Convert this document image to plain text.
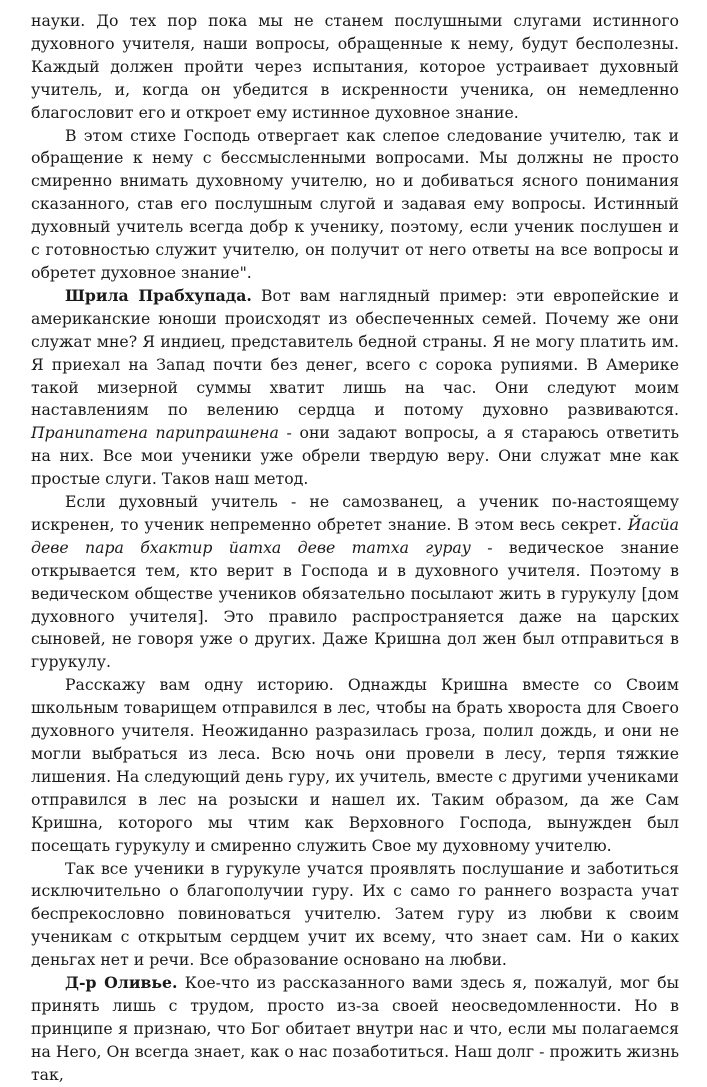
науки. До тех пор пока мы не станем послушными слугами истинного духовного учителя, наши вопросы, обращенные к нему, будут бесполезны. Каждый должен пройти через испытания, которое устраивает духовный учитель, и, когда он убедится в искренности ученика, он немедленно благословит его и откроет ему истинное духовное знание.

В этом стихе Господь отвергает как слепое следование учителю, так и обращение к нему с бессмысленными вопросами. Мы должны не просто смиренно внимать духовному учителю, но и добиваться ясного понимания сказанного, став его послушным слугой и задавая ему вопросы. Истинный духовный учитель всегда добр к ученику, поэтому, если ученик послушен и с готовностью служит учителю, он получит от него ответы на все вопросы и обретет духовное знание".

Шрила Прабхупада. Вот вам наглядный пример: эти европейские и американские юноши происходят из обеспеченных семей. Почему же они служат мне? Я индиец, представитель бедной страны. Я не могу платить им. Я приехал на Запад почти без денег, всего с сорока рупиями. В Америке такой мизерной суммы хватит лишь на час. Они следуют моим наставлениям по велению сердца и потому духовно развиваются. Пранипатена парипрашнена - они задают вопросы, а я стараюсь ответить на них. Все мои ученики уже обрели твердую веру. Они служат мне как простые слуги. Таков наш метод.

Если духовный учитель - не самозванец, а ученик по-настоящему искренен, то ученик непременно обретет знание. В этом весь секрет. Йасйа деве пара бхактир йатха деве татха гурау - ведическое знание открывается тем, кто верит в Господа и в духовного учителя. Поэтому в ведическом обществе учеников обязательно посылают жить в гурукулу [дом духовного учителя]. Это правило распространяется даже на царских сыновей, не говоря уже о других. Даже Кришна дол жен был отправиться в гурукулу.

Расскажу вам одну историю. Однажды Кришна вместе со Своим школьным товарищем отправился в лес, чтобы на брать хвороста для Своего духовного учителя. Неожиданно разразилась гроза, полил дождь, и они не могли выбраться из леса. Всю ночь они провели в лесу, терпя тяжкие лишения. На следующий день гуру, их учитель, вместе с другими учениками отправился в лес на розыски и нашел их. Таким образом, да же Сам Кришна, которого мы чтим как Верховного Господа, вынужден был посещать гурукулу и смиренно служить Свое му духовному учителю.

Так все ученики в гурукуле учатся проявлять послушание и заботиться исключительно о благополучии гуру. Их с само го раннего возраста учат беспрекословно повиноваться учителю. Затем гуру из любви к своим ученикам с открытым сердцем учит их всему, что знает сам. Ни о каких деньгах нет и речи. Все образование основано на любви.

Д-р Оливье. Кое-что из рассказанного вами здесь я, пожалуй, мог бы принять лишь с трудом, просто из-за своей неосведомленности. Но в принципе я признаю, что Бог обитает внутри нас и что, если мы полагаемся на Него, Он всегда знает, как о нас позаботиться. Наш долг - прожить жизнь так,
